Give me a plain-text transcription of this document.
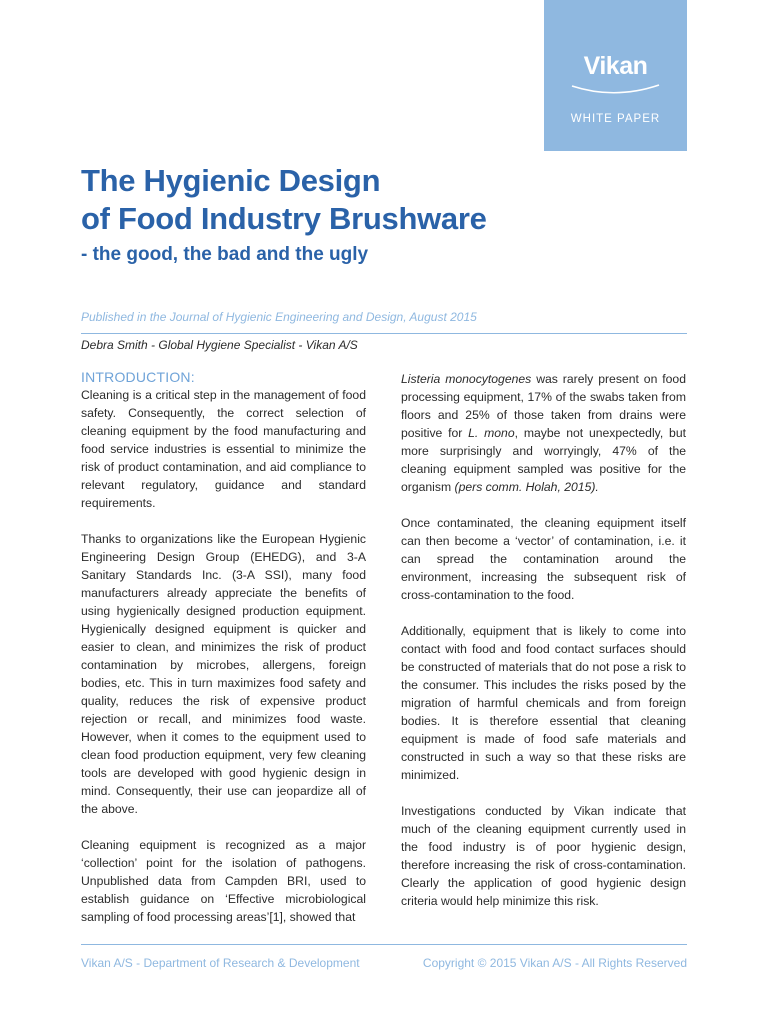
Vikan
WHITE PAPER
The Hygienic Design
of Food Industry Brushware
- the good, the bad and the ugly
Published in the Journal of Hygienic Engineering and Design, August 2015
Debra Smith - Global Hygiene Specialist - Vikan A/S
INTRODUCTION:

Cleaning is a critical step in the management of food safety. Consequently, the correct selection of cleaning equipment by the food manufacturing and food service industries is essential to minimize the risk of product contamination, and aid compliance to relevant regulatory, guidance and standard requirements.

Thanks to organizations like the European Hygienic Engineering Design Group (EHEDG), and 3-A Sanitary Standards Inc. (3-A SSI), many food manufacturers already appreciate the benefits of using hygienically designed production equipment. Hygienically designed equipment is quicker and easier to clean, and minimizes the risk of product contamination by microbes, allergens, foreign bodies, etc. This in turn maximizes food safety and quality, reduces the risk of expensive product rejection or recall, and minimizes food waste. However, when it comes to the equipment used to clean food production equipment, very few cleaning tools are developed with good hygienic design in mind. Consequently, their use can jeopardize all of the above.

Cleaning equipment is recognized as a major ‘collection’ point for the isolation of pathogens. Unpublished data from Campden BRI, used to establish guidance on ‘Effective microbiological sampling of food processing areas’[1], showed that

Listeria monocytogenes was rarely present on food processing equipment, 17% of the swabs taken from floors and 25% of those taken from drains were positive for L. mono, maybe not unexpectedly, but more surprisingly and worryingly, 47% of the cleaning equipment sampled was positive for the organism (pers comm. Holah, 2015).

Once contaminated, the cleaning equipment itself can then become a ‘vector’ of contamination, i.e. it can spread the contamination around the environment, increasing the subsequent risk of cross-contamination to the food.

Additionally, equipment that is likely to come into contact with food and food contact surfaces should be constructed of materials that do not pose a risk to the consumer. This includes the risks posed by the migration of harmful chemicals and from foreign bodies. It is therefore essential that cleaning equipment is made of food safe materials and constructed in such a way so that these risks are minimized.

Investigations conducted by Vikan indicate that much of the cleaning equipment currently used in the food industry is of poor hygienic design, therefore increasing the risk of cross-contamination. Clearly the application of good hygienic design criteria would help minimize this risk.

Vikan A/S - Department of Research & Development	Copyright © 2015 Vikan A/S - All Rights Reserved
